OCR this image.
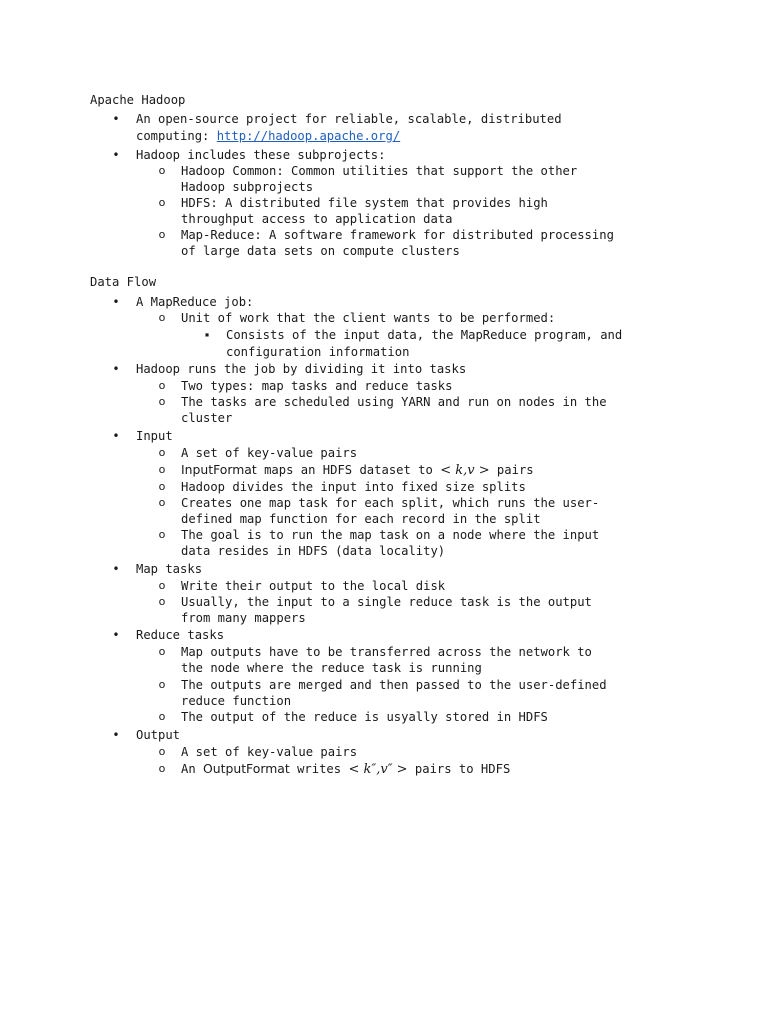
Apache Hadoop
• An open-source project for reliable, scalable, distributed
computing: http://hadoop.apache.org/
• Hadoop includes these subprojects:
o Hadoop Common: Common utilities that support the other
Hadoop subprojects
o HDFS: A distributed file system that provides high
throughput access to application data
o Map-Reduce: A software framework for distributed processing
of large data sets on compute clusters
Data Flow
• A MapReduce job:
o Unit of work that the client wants to be performed:
▪ Consists of the input data, the MapReduce program, and
configuration information
• Hadoop runs the job by dividing it into tasks
o Two types: map tasks and reduce tasks
o The tasks are scheduled using YARN and run on nodes in the
cluster
• Input
o A set of key-value pairs
o InputFormat maps an HDFS dataset to < k,v > pairs
o Hadoop divides the input into fixed size splits
o Creates one map task for each split, which runs the user-
defined map function for each record in the split
o The goal is to run the map task on a node where the input
data resides in HDFS (data locality)
• Map tasks
o Write their output to the local disk
o Usually, the input to a single reduce task is the output
from many mappers
• Reduce tasks
o Map outputs have to be transferred across the network to
the node where the reduce task is running
o The outputs are merged and then passed to the user-defined
reduce function
o The output of the reduce is usyally stored in HDFS
• Output
o A set of key-value pairs
o An OutputFormat writes < k″,v″ > pairs to HDFS
